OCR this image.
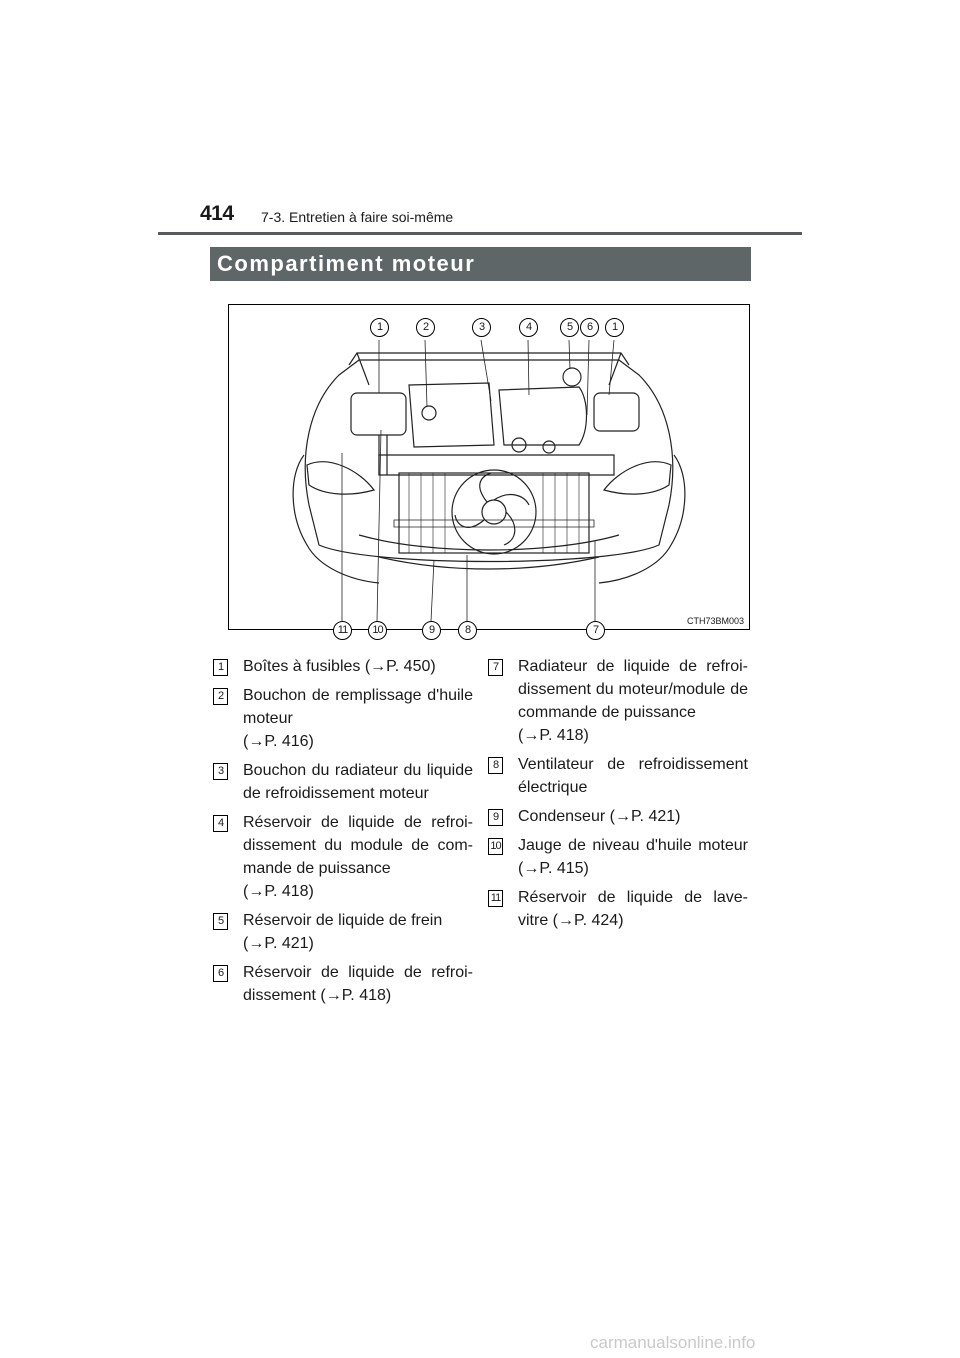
414 7-3. Entretien à faire soi-même
Compartiment moteur
1	2	3	4	5	6	1
11	10	9	8	7
CTH73BM003
1	Boîtes à fusibles (→P. 450)
2	Bouchon de remplissage d'huile moteur
(→P. 416)
3	Bouchon du radiateur du liquide de refroidissement moteur
4	Réservoir de liquide de refroi-dissement du module de com-mande de puissance
(→P. 418)
5	Réservoir de liquide de frein
(→P. 421)
6	Réservoir de liquide de refroi-dissement (→P. 418)
7	Radiateur de liquide de refroi-dissement du moteur/module de commande de puissance
(→P. 418)
8	Ventilateur de refroidissement électrique
9	Condenseur (→P. 421)
10 Jauge de niveau d'huile moteur (→P. 415)
11 Réservoir de liquide de lave-vitre (→P. 424)
carmanualsonline.info
